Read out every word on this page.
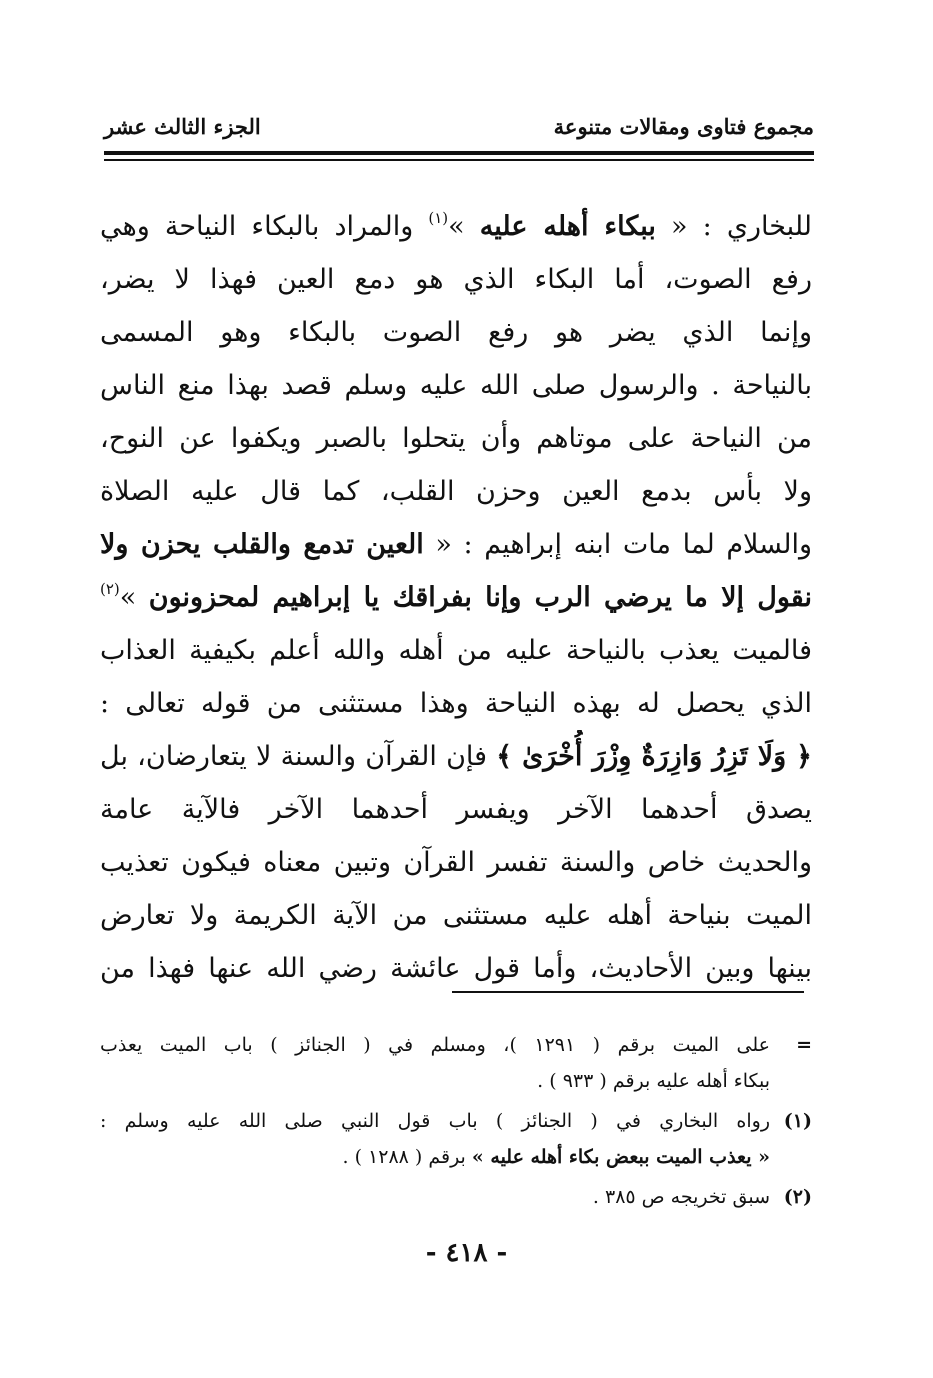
مجموع فتاوى ومقالات متنوعة
الجزء الثالث عشر
للبخاري : « ببكاء أهله عليه »$^{(١)}$ والمراد بالبكاء النياحة وهي
رفع الصوت، أما البكاء الذي هو دمع العين فهذا لا يضر،
وإنما الذي يضر هو رفع الصوت بالبكاء وهو المسمى
بالنياحة . والرسول صلى الله عليه وسلم قصد بهذا منع الناس
من النياحة على موتاهم وأن يتحلوا بالصبر ويكفوا عن النوح،
ولا بأس بدمع العين وحزن القلب، كما قال عليه الصلاة
والسلام لما مات ابنه إبراهيم : « العين تدمع والقلب يحزن ولا
نقول إلا ما يرضي الرب وإنا بفراقك يا إبراهيم لمحزونون »$^{(٢)}$
فالميت يعذب بالنياحة عليه من أهله والله أعلم بكيفية العذاب
الذي يحصل له بهذه النياحة وهذا مستثنى من قوله تعالى :
﴿ وَلَا تَزِرُ وَازِرَةٌ وِزْرَ أُخْرَىٰ ﴾ فإن القرآن والسنة لا يتعارضان، بل
يصدق أحدهما الآخر ويفسر أحدهما الآخر فالآية عامة
والحديث خاص والسنة تفسر القرآن وتبين معناه فيكون تعذيب
الميت بنياحة أهله عليه مستثنى من الآية الكريمة ولا تعارض
بينها وبين الأحاديث، وأما قول عائشة رضي الله عنها فهذا من
=
على الميت برقم ( ١٢٩١ )، ومسلم في ( الجنائز ) باب الميت يعذب
ببكاء أهله عليه برقم ( ٩٣٣ ) .
(١)
رواه البخاري في ( الجنائز ) باب قول النبي صلى الله عليه وسلم :
« يعذب الميت ببعض بكاء أهله عليه » برقم ( ١٢٨٨ ) .
(٢)
سبق تخريجه ص ٣٨٥ .
- ٤١٨ -
